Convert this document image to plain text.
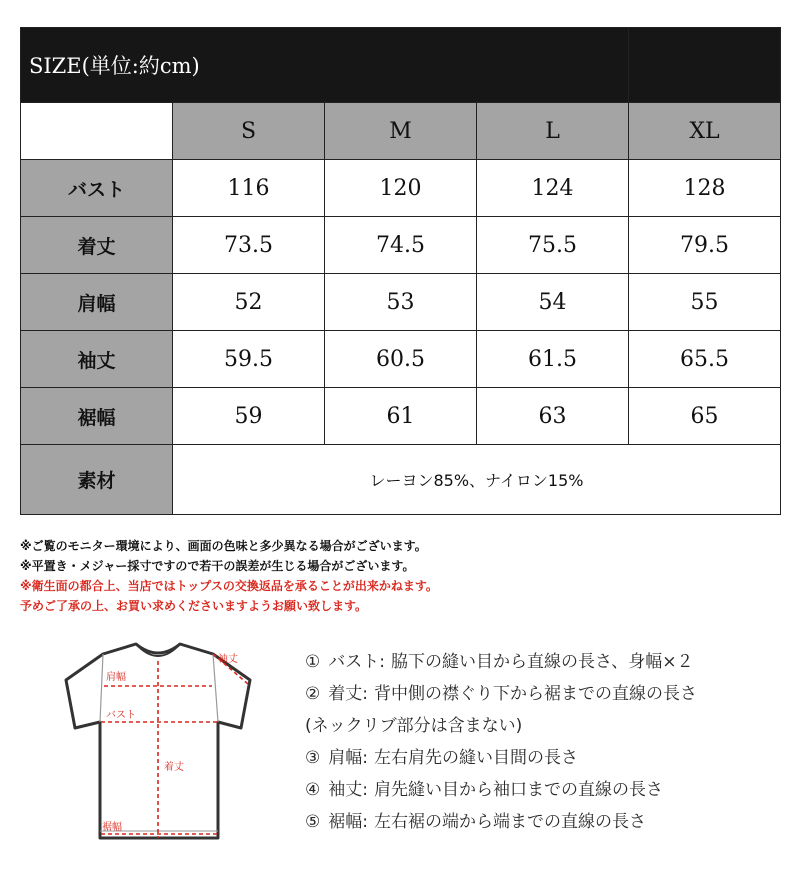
SIZE(単位:約cm)				
	S	M	L	XL
バスト	116	120	124	128
着丈	73.5	74.5	75.5	79.5
肩幅	52	53	54	55
袖丈	59.5	60.5	61.5	65.5
裾幅	59	61	63	65
素材	レーヨン85%、ナイロン15%			
※ご覧のモニター環境により、画面の色味と多少異なる場合がございます。
※平置き・メジャー採寸ですので若干の誤差が生じる場合がございます。
※衛生面の都合上、当店ではトップスの交換返品を承ることが出来かねます。
予めご了承の上、お買い求めくださいますようお願い致します。
袖丈
肩幅
バスト
着丈
裾幅
① バスト: 脇下の縫い目から直線の長さ、身幅×２
② 着丈: 背中側の襟ぐり下から裾までの直線の長さ
(ネックリブ部分は含まない)
③ 肩幅: 左右肩先の縫い目間の長さ
④ 袖丈: 肩先縫い目から袖口までの直線の長さ
⑤ 裾幅: 左右裾の端から端までの直線の長さ
